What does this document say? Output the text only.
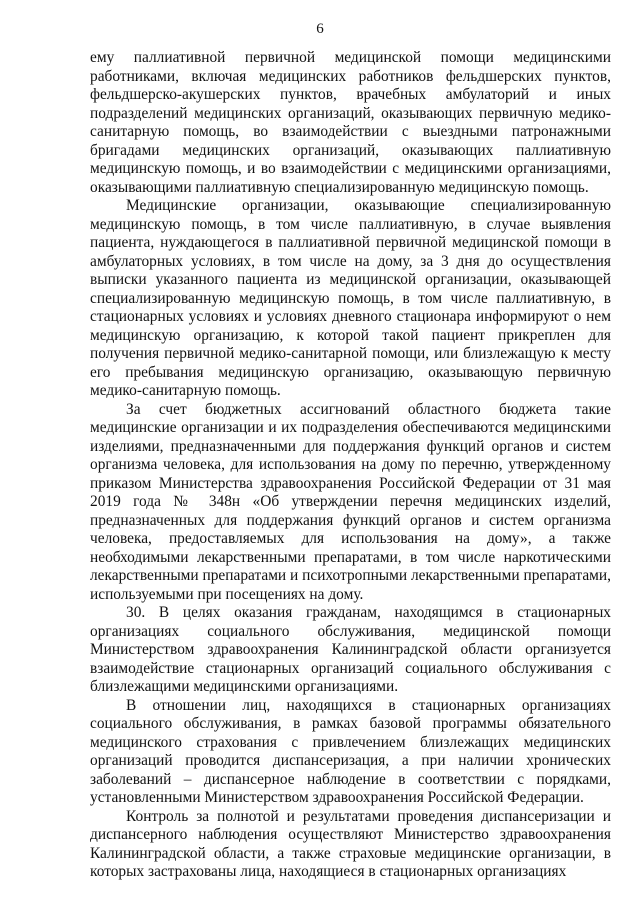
6

ему паллиативной первичной медицинской помощи медицинскими работниками, включая медицинских работников фельдшерских пунктов, фельдшерско-акушерских пунктов, врачебных амбулаторий и иных подразделений медицинских организаций, оказывающих первичную медико-санитарную помощь, во взаимодействии с выездными патронажными бригадами медицинских организаций, оказывающих паллиативную медицинскую помощь, и во взаимодействии с медицинскими организациями, оказывающими паллиативную специализированную медицинскую помощь.

Медицинские организации, оказывающие специализированную медицинскую помощь, в том числе паллиативную, в случае выявления пациента, нуждающегося в паллиативной первичной медицинской помощи в амбулаторных условиях, в том числе на дому, за 3 дня до осуществления выписки указанного пациента из медицинской организации, оказывающей специализированную медицинскую помощь, в том числе паллиативную, в стационарных условиях и условиях дневного стационара информируют о нем медицинскую организацию, к которой такой пациент прикреплен для получения первичной медико-санитарной помощи, или близлежащую к месту его пребывания медицинскую организацию, оказывающую первичную медико-санитарную помощь.

За счет бюджетных ассигнований областного бюджета такие медицинские организации и их подразделения обеспечиваются медицинскими изделиями, предназначенными для поддержания функций органов и систем организма человека, для использования на дому по перечню, утвержденному приказом Министерства здравоохранения Российской Федерации от 31 мая 2019 года № 348н «Об утверждении перечня медицинских изделий, предназначенных для поддержания функций органов и систем организма человека, предоставляемых для использования на дому», а также необходимыми лекарственными препаратами, в том числе наркотическими лекарственными препаратами и психотропными лекарственными препаратами, используемыми при посещениях на дому.

30. В целях оказания гражданам, находящимся в стационарных организациях социального обслуживания, медицинской помощи Министерством здравоохранения Калининградской области организуется взаимодействие стационарных организаций социального обслуживания с близлежащими медицинскими организациями.

В отношении лиц, находящихся в стационарных организациях социального обслуживания, в рамках базовой программы обязательного медицинского страхования с привлечением близлежащих медицинских организаций проводится диспансеризация, а при наличии хронических заболеваний – диспансерное наблюдение в соответствии с порядками, установленными Министерством здравоохранения Российской Федерации.

Контроль за полнотой и результатами проведения диспансеризации и диспансерного наблюдения осуществляют Министерство здравоохранения Калининградской области, а также страховые медицинские организации, в которых застрахованы лица, находящиеся в стационарных организациях
